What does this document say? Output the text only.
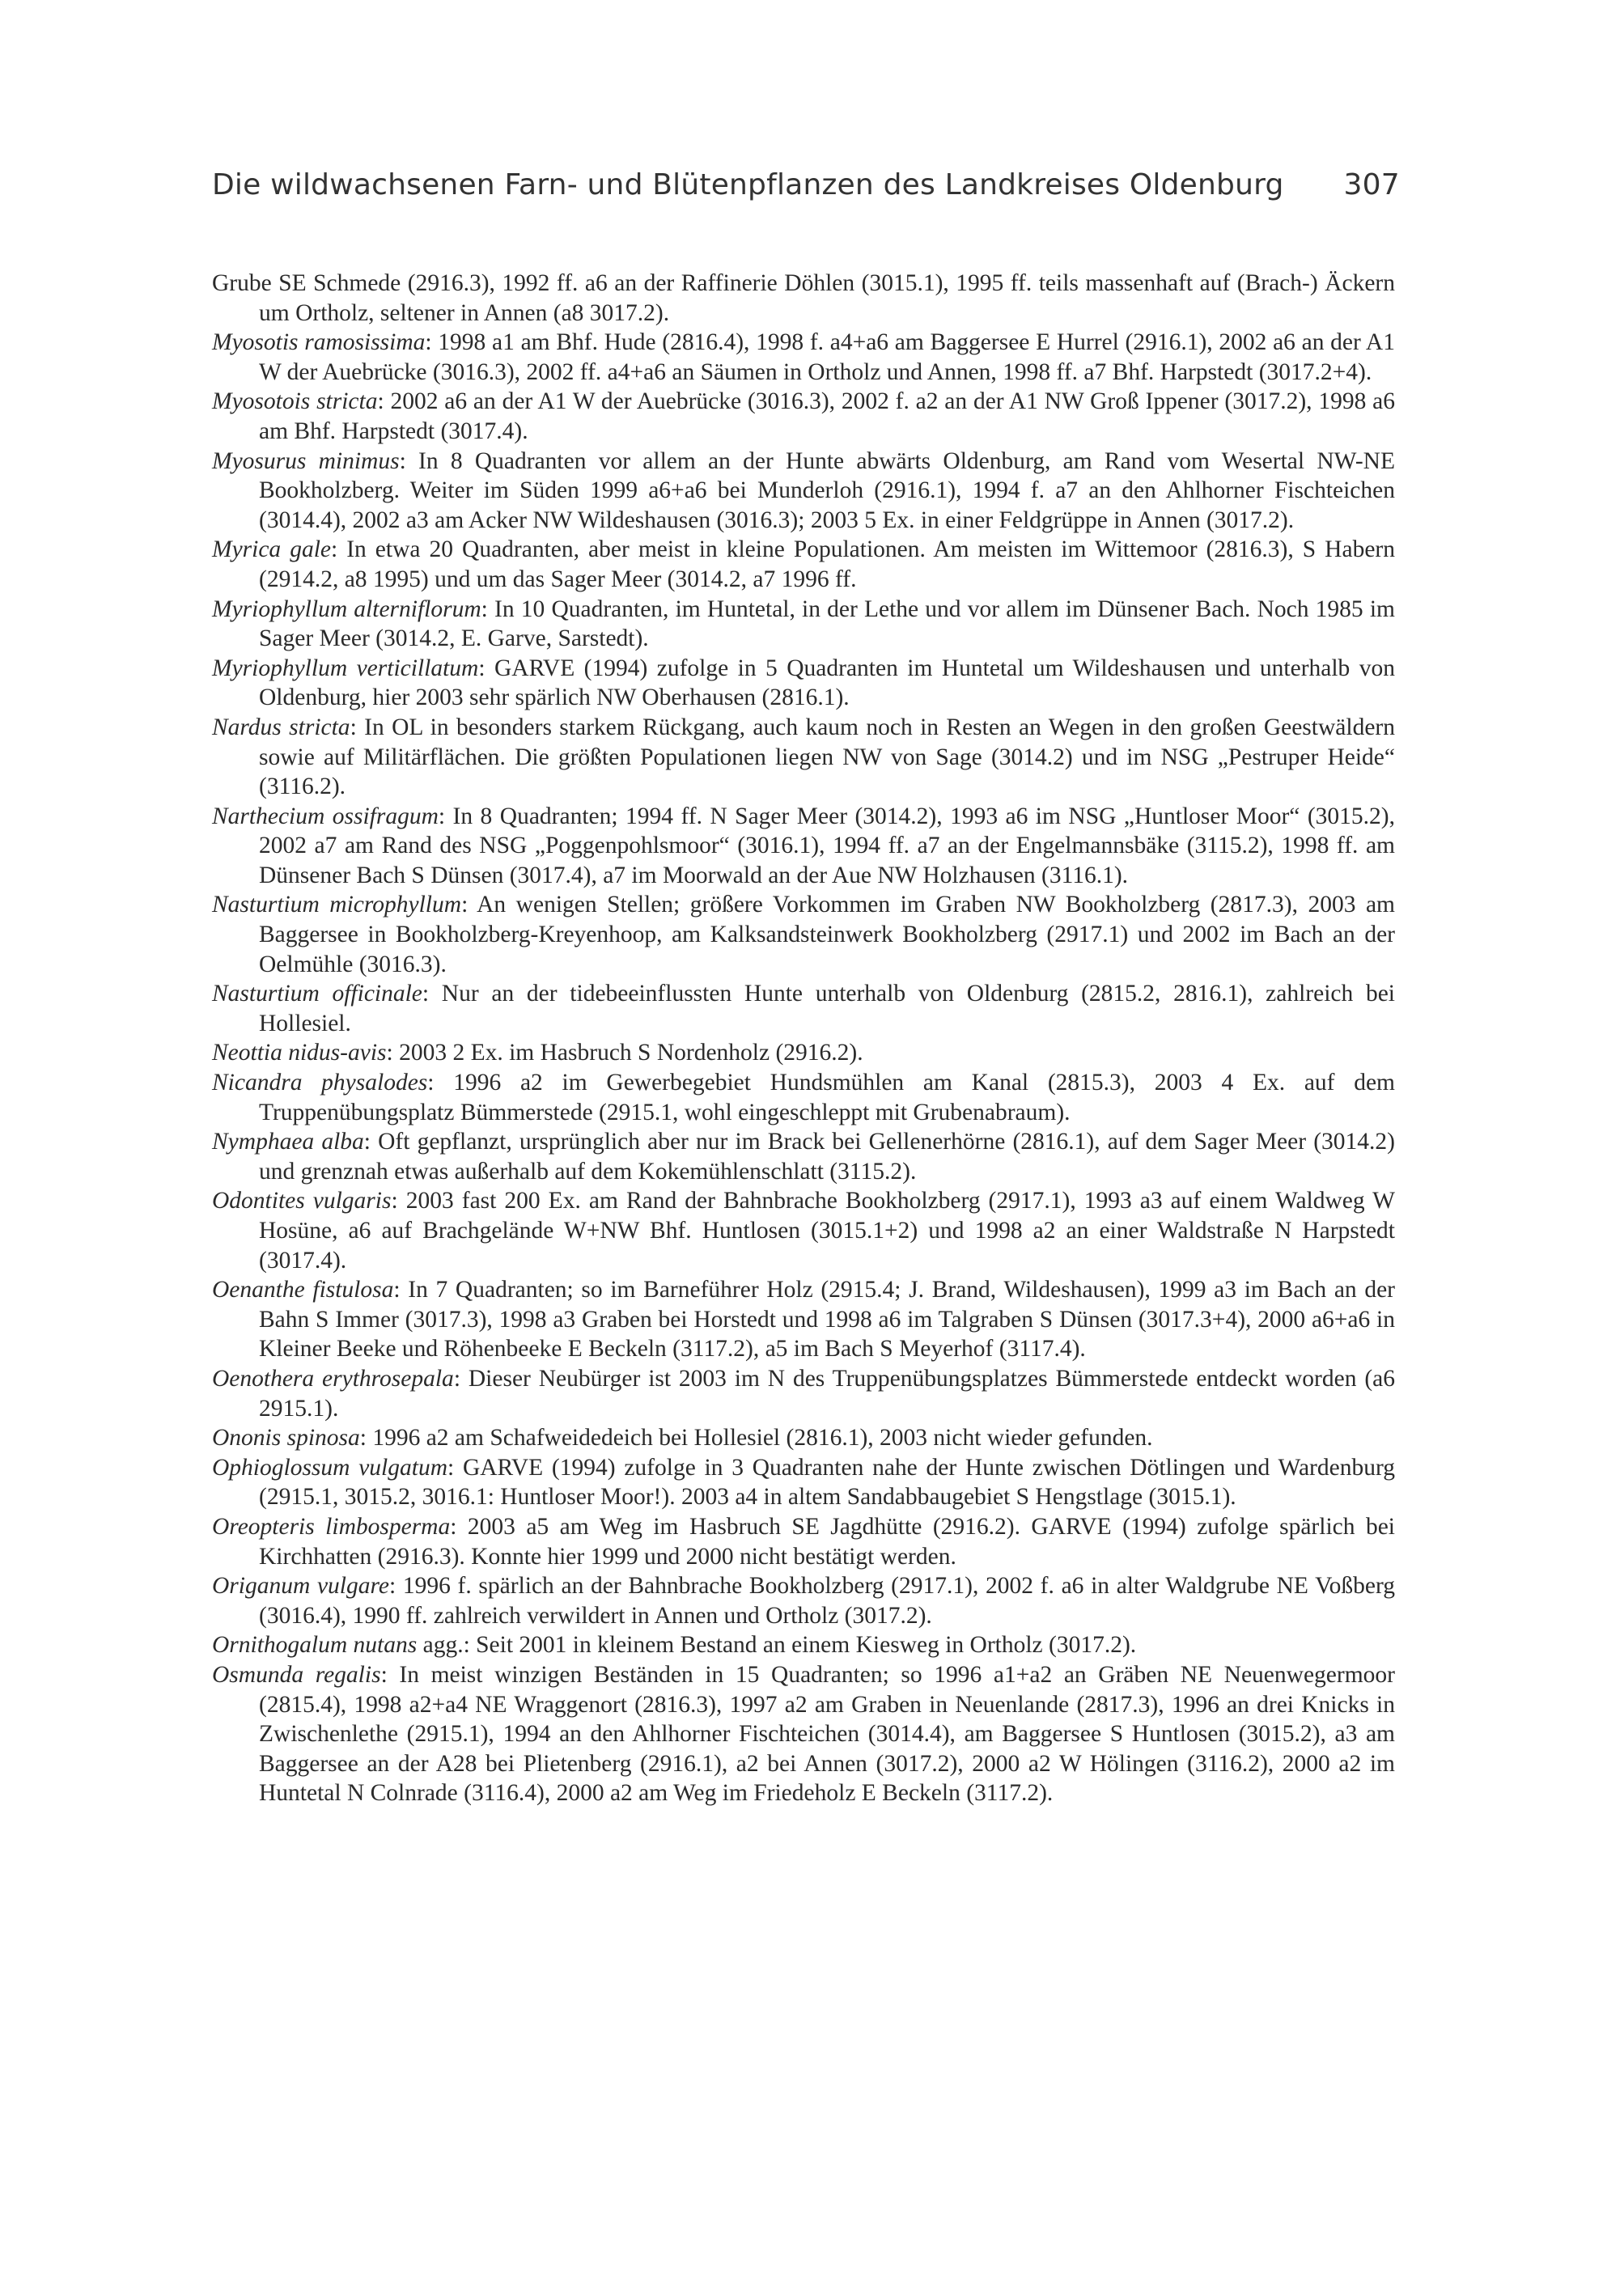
Die wildwachsenen Farn- und Blütenpflanzen des Landkreises Oldenburg 307

Grube SE Schmede (2916.3), 1992 ff. a6 an der Raffinerie Döhlen (3015.1), 1995 ff. teils massenhaft auf (Brach-) Äckern um Ortholz, seltener in Annen (a8 3017.2).

Myosotis ramosissima: 1998 a1 am Bhf. Hude (2816.4), 1998 f. a4+a6 am Baggersee E Hurrel (2916.1), 2002 a6 an der A1 W der Auebrücke (3016.3), 2002 ff. a4+a6 an Säumen in Ortholz und Annen, 1998 ff. a7 Bhf. Harpstedt (3017.2+4).

Myosotois stricta: 2002 a6 an der A1 W der Auebrücke (3016.3), 2002 f. a2 an der A1 NW Groß Ippener (3017.2), 1998 a6 am Bhf. Harpstedt (3017.4).

Myosurus minimus: In 8 Quadranten vor allem an der Hunte abwärts Oldenburg, am Rand vom Wesertal NW-NE Bookholzberg. Weiter im Süden 1999 a6+a6 bei Munderloh (2916.1), 1994 f. a7 an den Ahlhorner Fischteichen (3014.4), 2002 a3 am Acker NW Wildeshausen (3016.3); 2003 5 Ex. in einer Feldgrüppe in Annen (3017.2).

Myrica gale: In etwa 20 Quadranten, aber meist in kleine Populationen. Am meisten im Wittemoor (2816.3), S Habern (2914.2, a8 1995) und um das Sager Meer (3014.2, a7 1996 ff.

Myriophyllum alterniflorum: In 10 Quadranten, im Huntetal, in der Lethe und vor allem im Dünsener Bach. Noch 1985 im Sager Meer (3014.2, E. Garve, Sarstedt).

Myriophyllum verticillatum: GARVE (1994) zufolge in 5 Quadranten im Huntetal um Wildeshausen und unterhalb von Oldenburg, hier 2003 sehr spärlich NW Oberhausen (2816.1).

Nardus stricta: In OL in besonders starkem Rückgang, auch kaum noch in Resten an Wegen in den großen Geestwäldern sowie auf Militärflächen. Die größten Populationen liegen NW von Sage (3014.2) und im NSG „Pestruper Heide“ (3116.2).

Narthecium ossifragum: In 8 Quadranten; 1994 ff. N Sager Meer (3014.2), 1993 a6 im NSG „Huntloser Moor“ (3015.2), 2002 a7 am Rand des NSG „Poggenpohlsmoor“ (3016.1), 1994 ff. a7 an der Engelmannsbäke (3115.2), 1998 ff. am Dünsener Bach S Dünsen (3017.4), a7 im Moorwald an der Aue NW Holzhausen (3116.1).

Nasturtium microphyllum: An wenigen Stellen; größere Vorkommen im Graben NW Bookholzberg (2817.3), 2003 am Baggersee in Bookholzberg-Kreyenhoop, am Kalksandsteinwerk Bookholzberg (2917.1) und 2002 im Bach an der Oelmühle (3016.3).

Nasturtium officinale: Nur an der tidebeeinflussten Hunte unterhalb von Oldenburg (2815.2, 2816.1), zahlreich bei Hollesiel.

Neottia nidus-avis: 2003 2 Ex. im Hasbruch S Nordenholz (2916.2).

Nicandra physalodes: 1996 a2 im Gewerbegebiet Hundsmühlen am Kanal (2815.3), 2003 4 Ex. auf dem Truppenübungsplatz Bümmerstede (2915.1, wohl eingeschleppt mit Grubenabraum).

Nymphaea alba: Oft gepflanzt, ursprünglich aber nur im Brack bei Gellenerhörne (2816.1), auf dem Sager Meer (3014.2) und grenznah etwas außerhalb auf dem Kokemühlenschlatt (3115.2).

Odontites vulgaris: 2003 fast 200 Ex. am Rand der Bahnbrache Bookholzberg (2917.1), 1993 a3 auf einem Waldweg W Hosüne, a6 auf Brachgelände W+NW Bhf. Huntlosen (3015.1+2) und 1998 a2 an einer Waldstraße N Harpstedt (3017.4).

Oenanthe fistulosa: In 7 Quadranten; so im Barneführer Holz (2915.4; J. Brand, Wildeshausen), 1999 a3 im Bach an der Bahn S Immer (3017.3), 1998 a3 Graben bei Horstedt und 1998 a6 im Talgraben S Dünsen (3017.3+4), 2000 a6+a6 in Kleiner Beeke und Röhenbeeke E Beckeln (3117.2), a5 im Bach S Meyerhof (3117.4).

Oenothera erythrosepala: Dieser Neubürger ist 2003 im N des Truppenübungsplatzes Bümmerstede entdeckt worden (a6 2915.1).

Ononis spinosa: 1996 a2 am Schafweidedeich bei Hollesiel (2816.1), 2003 nicht wieder gefunden.

Ophioglossum vulgatum: GARVE (1994) zufolge in 3 Quadranten nahe der Hunte zwischen Dötlingen und Wardenburg (2915.1, 3015.2, 3016.1: Huntloser Moor!). 2003 a4 in altem Sandabbaugebiet S Hengstlage (3015.1).

Oreopteris limbosperma: 2003 a5 am Weg im Hasbruch SE Jagdhütte (2916.2). GARVE (1994) zufolge spärlich bei Kirchhatten (2916.3). Konnte hier 1999 und 2000 nicht bestätigt werden.

Origanum vulgare: 1996 f. spärlich an der Bahnbrache Bookholzberg (2917.1), 2002 f. a6 in alter Waldgrube NE Voßberg (3016.4), 1990 ff. zahlreich verwildert in Annen und Ortholz (3017.2).

Ornithogalum nutans agg.: Seit 2001 in kleinem Bestand an einem Kiesweg in Ortholz (3017.2).

Osmunda regalis: In meist winzigen Beständen in 15 Quadranten; so 1996 a1+a2 an Gräben NE Neuenwegermoor (2815.4), 1998 a2+a4 NE Wraggenort (2816.3), 1997 a2 am Graben in Neuenlande (2817.3), 1996 an drei Knicks in Zwischenlethe (2915.1), 1994 an den Ahlhorner Fischteichen (3014.4), am Baggersee S Huntlosen (3015.2), a3 am Baggersee an der A28 bei Plietenberg (2916.1), a2 bei Annen (3017.2), 2000 a2 W Hölingen (3116.2), 2000 a2 im Huntetal N Colnrade (3116.4), 2000 a2 am Weg im Friedeholz E Beckeln (3117.2).
